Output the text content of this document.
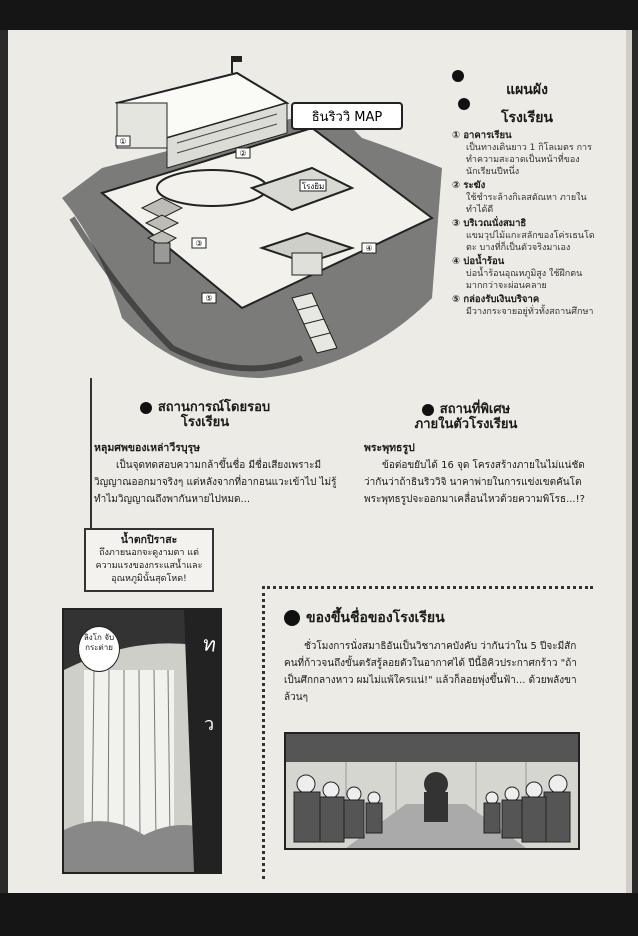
โรงยิม
ธินริววิ MAP
①
②
③
④
⑤
แผนผัง
โรงเรียน
① อาคารเรียน
เป็นทางเดินยาว 1 กิโลเมตร การทำความสะอาดเป็นหน้าที่ของนักเรียนปีหนึ่ง
② ระฆัง
ใช้ชำระล้างกิเลสตัณหา ภายในทำได้ดี
③ บริเวณนั่งสมาธิ
แขมวุปไม้แกะสลักของโค่รเธนโดตะ บางที่ก็เป็นตัวจริงมาเอง
④ บ่อน้ำร้อน
บ่อน้ำร้อนอุณหภูมิสูง ใช้ฝึกตนมากกว่าจะผ่อนคลาย
⑤ กล่องรับเงินบริจาค
มีวางกระจายอยู่ทั่วทั้งสถานศึกษา
สถานการณ์โดยรอบ
โรงเรียน
หลุมศพของเหล่าวีรบุรุษ
เป็นจุดทดสอบความกล้าขึ้นชื่อ มีชื่อเสียงเพราะมีวิญญาณออกมาจริงๆ แต่หลังจากที่อากอนแวะเข้าไป ไม่รู้ทำไมวิญญาณถึงพากันหายไปหมด...
สถานที่พิเศษ
ภายในตัวโรงเรียน
พระพุทธรูป
ข้อต่อขยับได้ 16 จุด โครงสร้างภายในไม่แน่ชัด ว่ากันว่าถ้าธินริววิจิ นาคาพ่ายในการแข่งเขตคันโต พระพุทธรูปจะออกมาเคลื่อนไหวด้วยความพิโรธ...!?
น้ำตกปิราสะ
ถึงภายนอกจะดูงามตา แต่ความแรงของกระแสน้ำและอุณหภูมินั้นสุดโหด!
ท
ว
ลิงโก จับ กระต่าย
ของขึ้นชื่อของโรงเรียน
ชั่วโมงการนั่งสมาธิอันเป็นวิชาภาคบังคับ ว่ากันว่าใน 5 ปีจะมีสักคนที่ก้าวจนถึงขั้นตรัสรู้ลอยตัวในอากาศได้ ปีนี้อิคิวประกาศกร้าว "ถ้าเป็นศึกกลางหาว ผมไม่แพ้ใครแน่!" แล้วก็ลอยพุ่งขึ้นฟ้า... ด้วยพลังขาล้วนๆ
